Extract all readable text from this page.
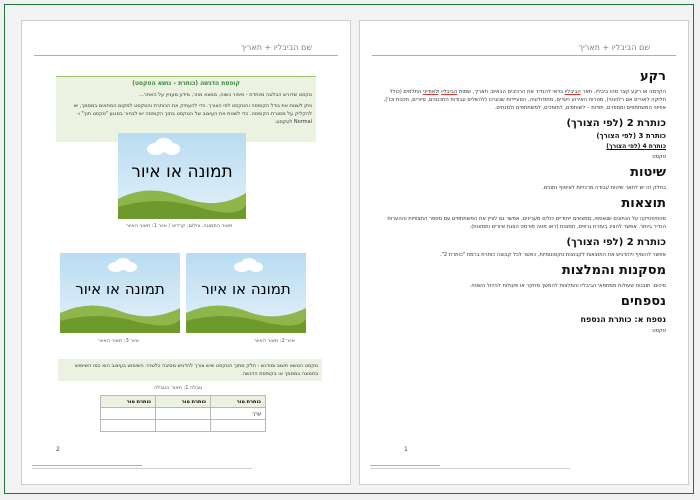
שם הביבליו + תאריך
קופסת הדגשה (כותרת - נושא הטקסט)

טקסט שדורש הבלטה מיוחדת - סיפור כשוה, ממצא מוזר, מידע מעניין על האתר...

ניתן לשנות את גודל הקופסה והטקסט לפי הצורך. כדי להעתיק את הכותרת והטקסט למקום המתאים במסמך, יש להקליק על מסגרת הקופסה. כדי לשנות את העיצוב של הטקסט בתוך הקופסה יש לבחור בסגנון "טקסט תוך" ו-Normal לטקסט.

תמונה או איור
תאור התמונה. צילום: קרדיט / איור 1: תאור האיור
תמונה או איור
תמונה או איור
איור 2: תאור האיור
איור 3: תאור האיור

טקסט הנושא חשוב ומודגש - חלק מתוך הטקסט שיש צורך להדגיש מסיבה כלשהי: השימוש בעיצוב הוא כמו השימוש בתמונה במסמך או בקופסת הדגשה.

טבלה 1: תאור הטבלה
כותרת טור	כותרת טור	כותרת טור
ערך		

2
שם הביבליו + תאריך
רקע

הקדמה או רקע קצר מהו ביבליו. תאר הביבליו בדאי להגדיר את הרכיבים הבאים: תאריך, שמות הביבליו ולאפייני התלמים (כולל חלוקה לאורים אם רלוונטי), מטרות האירוע ויעדים, מתודולוגיה, הסעיידות שנערכו (להשלים עבודות התכנונים, סיורים, תכנות וכו'), אפיוני המשתתפים ומספרם, תודות – לשותפים, לתומכים, למשתתפים ולמנחים.

כותרת 2 (לפי הצורך)
כותרת 3 (לפי הצורך)
כותרת 4 (לפי הצורך)

טקסט

שיטות

בחלק זה יש לתאר שיטות עבודה מרכזיות לאיסוף נתונים.

תוצאות

סטטיסטיקה על הנתונים שנאספו, ממצאים ייחודיים כולים מעניינים, אפשר גם לציין את המשתתפים עם מספר התצפיות וההערות הנדיר ביותר. אפשר להציג בעזרת גרפים, תמונות (ראו מטה פורמט הצגת איורים ותמונות).

כותרת 2 (לפי הצורך)

אפשר להוסיף ולהדגיש את התוצאות לקבוצות טקסונומיות, כאשר לכל קבוצה כותרת ברמת "כותרת 2".

מסקנות והמלצות

סיכום: תובנות שעולות ממתפאי הביבליו והמלצות להמשך מחקר או פעולות לניהול השטח.

נספחים
נספח א: כותרת הנספח

טקסט

1
